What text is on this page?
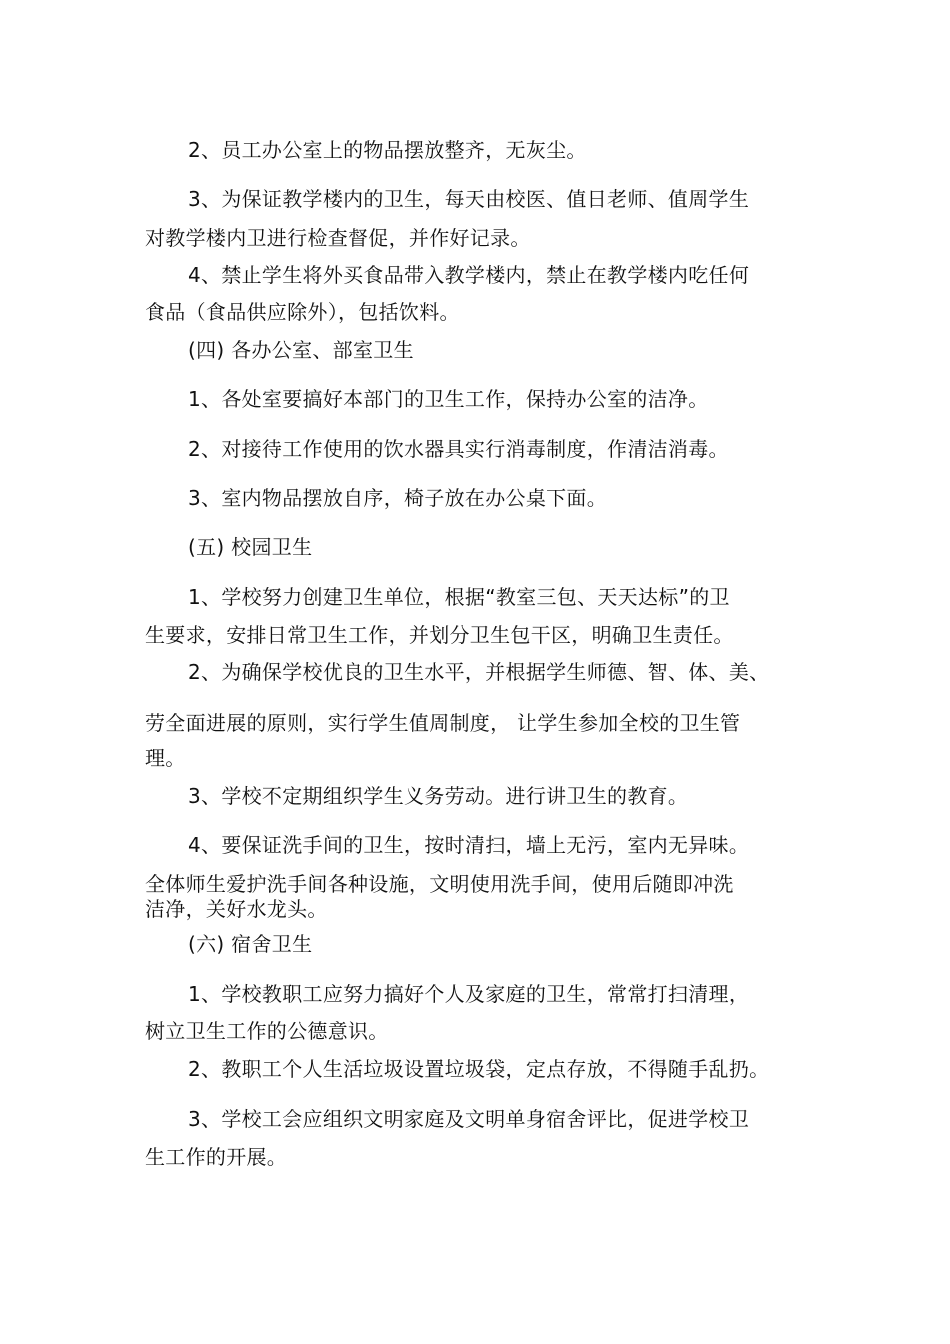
2、员工办公室上的物品摆放整齐，无灰尘。
3、为保证教学楼内的卫生，每天由校医、值日老师、值周学生
对教学楼内卫进行检查督促，并作好记录。
4、禁止学生将外买食品带入教学楼内，禁止在教学楼内吃任何
食品（食品供应除外），包括饮料。
(四) 各办公室、部室卫生
1、各处室要搞好本部门的卫生工作，保持办公室的洁净。
2、对接待工作使用的饮水器具实行消毒制度，作清洁消毒。
3、室内物品摆放自序，椅子放在办公桌下面。
(五) 校园卫生
1、学校努力创建卫生单位，根据“教室三包、天天达标”的卫
生要求，安排日常卫生工作，并划分卫生包干区，明确卫生责任。
2、为确保学校优良的卫生水平，并根据学生师德、智、体、美、
劳全面进展的原则，实行学生值周制度， 让学生参加全校的卫生管
理。
3、学校不定期组织学生义务劳动。进行讲卫生的教育。
4、要保证洗手间的卫生，按时清扫，墙上无污，室内无异味。
全体师生爱护洗手间各种设施，文明使用洗手间，使用后随即冲洗
洁净，关好水龙头。
(六) 宿舍卫生
1、学校教职工应努力搞好个人及家庭的卫生，常常打扫清理，
树立卫生工作的公德意识。
2、教职工个人生活垃圾设置垃圾袋，定点存放，不得随手乱扔。
3、学校工会应组织文明家庭及文明单身宿舍评比，促进学校卫
生工作的开展。
